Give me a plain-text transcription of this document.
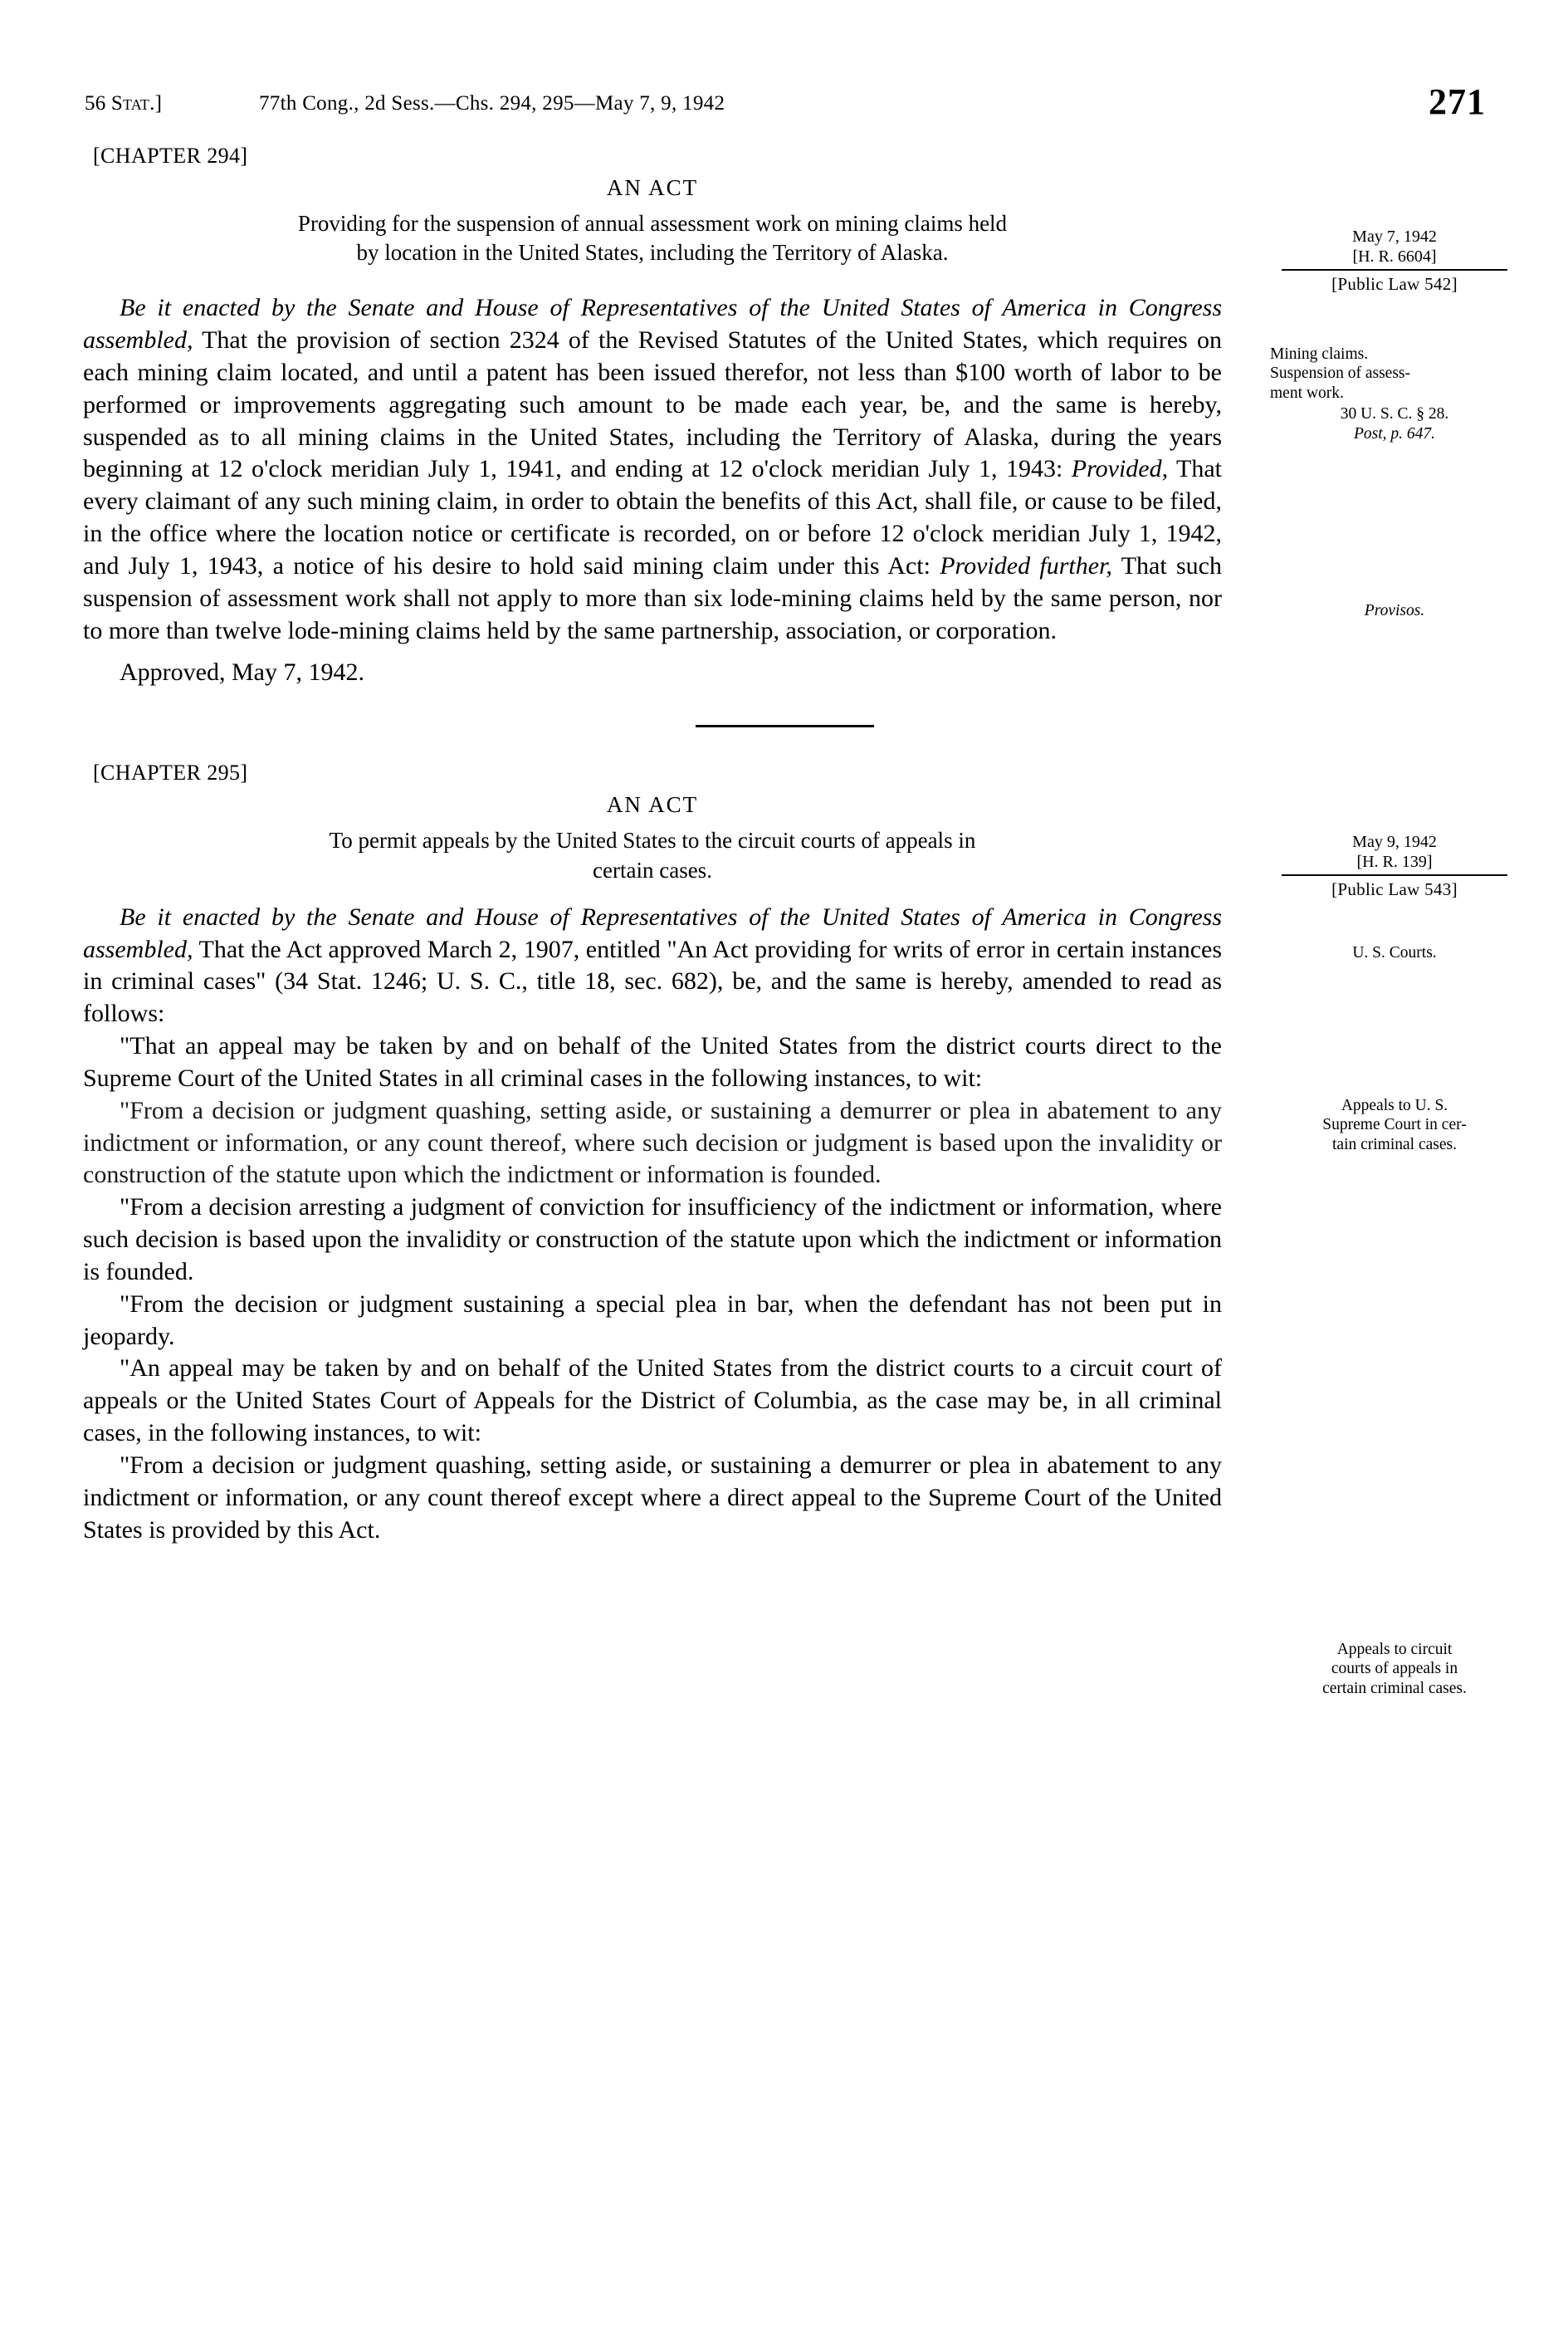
56 Stat.]	77th Cong., 2d Sess.—Chs. 294, 295—May 7, 9, 1942	271
[CHAPTER 294]
AN ACT
Providing for the suspension of annual assessment work on mining claims held
by location in the United States, including the Territory of Alaska.

Be it enacted by the Senate and House of Representatives of the United States of America in Congress assembled, That the provision of section 2324 of the Revised Statutes of the United States, which requires on each mining claim located, and until a patent has been issued therefor, not less than $100 worth of labor to be performed or improvements aggregating such amount to be made each year, be, and the same is hereby, suspended as to all mining claims in the United States, including the Territory of Alaska, during the years beginning at 12 o'clock meridian July 1, 1941, and ending at 12 o'clock meridian July 1, 1943: Provided, That every claimant of any such mining claim, in order to obtain the benefits of this Act, shall file, or cause to be filed, in the office where the location notice or certificate is recorded, on or before 12 o'clock meridian July 1, 1942, and July 1, 1943, a notice of his desire to hold said mining claim under this Act: Provided further, That such suspension of assessment work shall not apply to more than six lode-mining claims held by the same person, nor to more than twelve lode-mining claims held by the same partnership, association, or corporation.

Approved, May 7, 1942.
May 7, 1942
[H. R. 6604]
[Public Law 542]
Mining claims.
Suspension of assess-
ment work.
30 U. S. C. § 28.
Post, p. 647.
Provisos.
[CHAPTER 295]
AN ACT
To permit appeals by the United States to the circuit courts of appeals in
certain cases.

Be it enacted by the Senate and House of Representatives of the United States of America in Congress assembled, That the Act approved March 2, 1907, entitled "An Act providing for writs of error in certain instances in criminal cases" (34 Stat. 1246; U. S. C., title 18, sec. 682), be, and the same is hereby, amended to read as follows:

"That an appeal may be taken by and on behalf of the United States from the district courts direct to the Supreme Court of the United States in all criminal cases in the following instances, to wit:

"From a decision or judgment quashing, setting aside, or sustaining a demurrer or plea in abatement to any indictment or information, or any count thereof, where such decision or judgment is based upon the invalidity or construction of the statute upon which the indictment or information is founded.

"From a decision arresting a judgment of conviction for insufficiency of the indictment or information, where such decision is based upon the invalidity or construction of the statute upon which the indictment or information is founded.

"From the decision or judgment sustaining a special plea in bar, when the defendant has not been put in jeopardy.

"An appeal may be taken by and on behalf of the United States from the district courts to a circuit court of appeals or the United States Court of Appeals for the District of Columbia, as the case may be, in all criminal cases, in the following instances, to wit:

"From a decision or judgment quashing, setting aside, or sustaining a demurrer or plea in abatement to any indictment or information, or any count thereof except where a direct appeal to the Supreme Court of the United States is provided by this Act.

May 9, 1942
[H. R. 139]
[Public Law 543]
U. S. Courts.
Appeals to U. S.
Supreme Court in cer-
tain criminal cases.
Appeals to circuit
courts of appeals in
certain criminal cases.
